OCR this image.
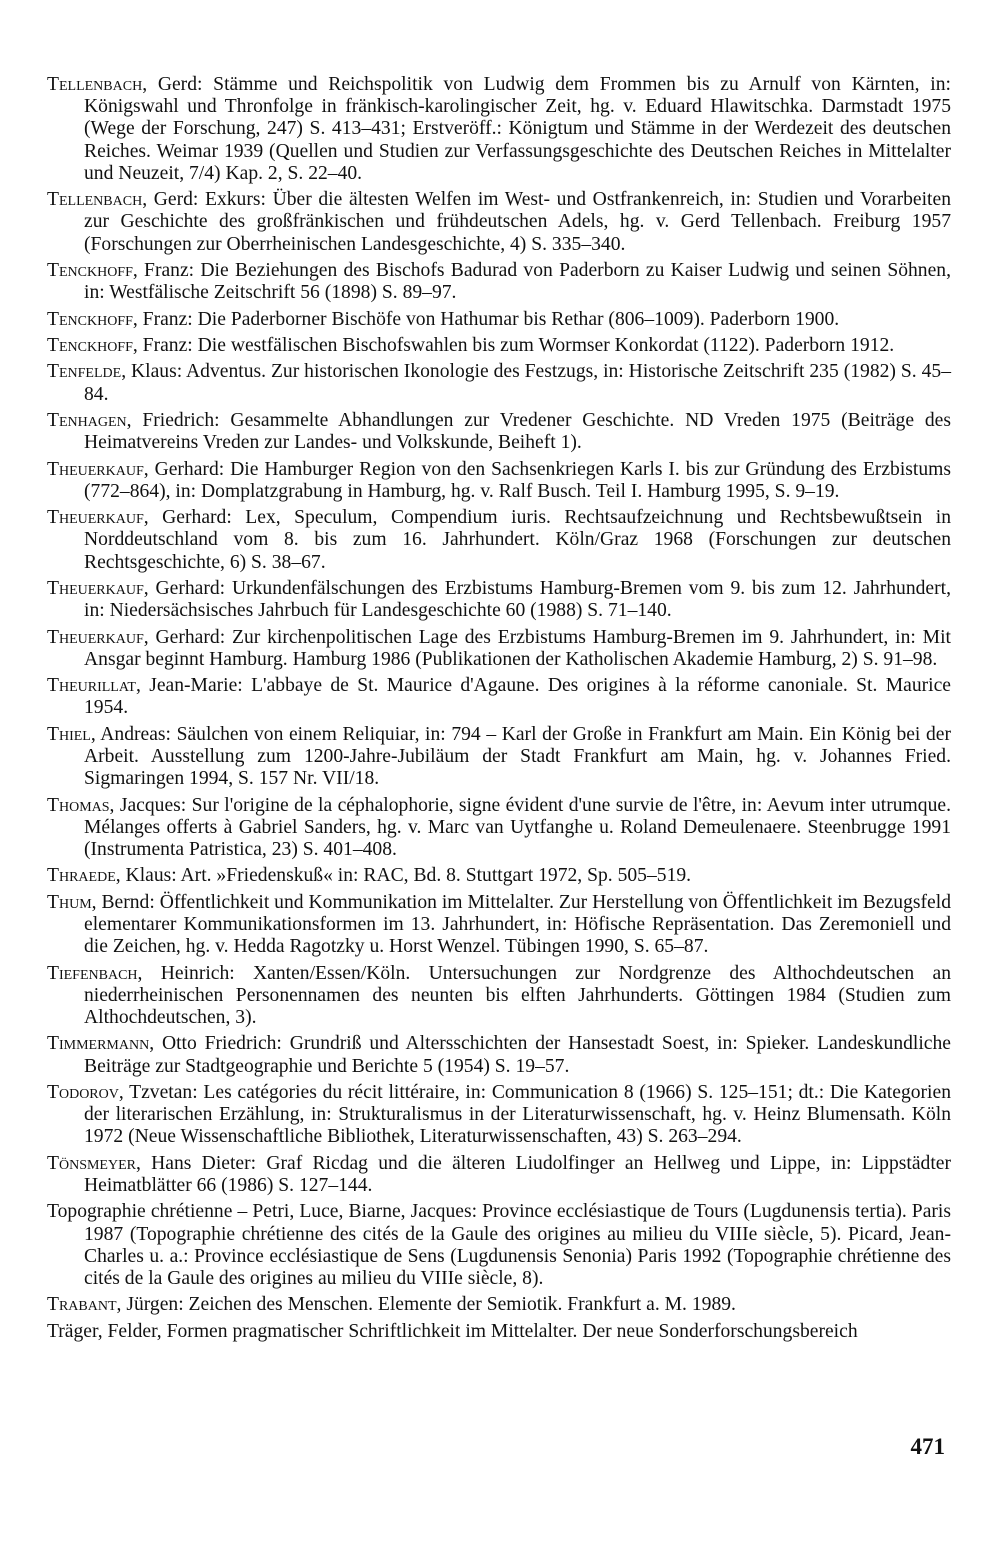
Tellenbach, Gerd: Stämme und Reichspolitik von Ludwig dem Frommen bis zu Arnulf von Kärnten, in: Königswahl und Thronfolge in fränkisch-karolingischer Zeit, hg. v. Eduard Hlawitschka. Darmstadt 1975 (Wege der Forschung, 247) S. 413–431; Erstveröff.: Königtum und Stämme in der Werdezeit des deutschen Reiches. Weimar 1939 (Quellen und Studien zur Verfassungsgeschichte des Deutschen Reiches in Mittelalter und Neuzeit, 7/4) Kap. 2, S. 22–40.

Tellenbach, Gerd: Exkurs: Über die ältesten Welfen im West- und Ostfrankenreich, in: Studien und Vorarbeiten zur Geschichte des großfränkischen und frühdeutschen Adels, hg. v. Gerd Tellenbach. Freiburg 1957 (Forschungen zur Oberrheinischen Landesgeschichte, 4) S. 335–340.

Tenckhoff, Franz: Die Beziehungen des Bischofs Badurad von Paderborn zu Kaiser Ludwig und seinen Söhnen, in: Westfälische Zeitschrift 56 (1898) S. 89–97.

Tenckhoff, Franz: Die Paderborner Bischöfe von Hathumar bis Rethar (806–1009). Paderborn 1900.

Tenckhoff, Franz: Die westfälischen Bischofswahlen bis zum Wormser Konkordat (1122). Paderborn 1912.

Tenfelde, Klaus: Adventus. Zur historischen Ikonologie des Festzugs, in: Historische Zeitschrift 235 (1982) S. 45–84.

Tenhagen, Friedrich: Gesammelte Abhandlungen zur Vredener Geschichte. ND Vreden 1975 (Beiträge des Heimatvereins Vreden zur Landes- und Volkskunde, Beiheft 1).

Theuerkauf, Gerhard: Die Hamburger Region von den Sachsenkriegen Karls I. bis zur Gründung des Erzbistums (772–864), in: Domplatzgrabung in Hamburg, hg. v. Ralf Busch. Teil I. Hamburg 1995, S. 9–19.

Theuerkauf, Gerhard: Lex, Speculum, Compendium iuris. Rechtsaufzeichnung und Rechtsbewußtsein in Norddeutschland vom 8. bis zum 16. Jahrhundert. Köln/Graz 1968 (Forschungen zur deutschen Rechtsgeschichte, 6) S. 38–67.

Theuerkauf, Gerhard: Urkundenfälschungen des Erzbistums Hamburg-Bremen vom 9. bis zum 12. Jahrhundert, in: Niedersächsisches Jahrbuch für Landesgeschichte 60 (1988) S. 71–140.

Theuerkauf, Gerhard: Zur kirchenpolitischen Lage des Erzbistums Hamburg-Bremen im 9. Jahrhundert, in: Mit Ansgar beginnt Hamburg. Hamburg 1986 (Publikationen der Katholischen Akademie Hamburg, 2) S. 91–98.

Theurillat, Jean-Marie: L'abbaye de St. Maurice d'Agaune. Des origines à la réforme canoniale. St. Maurice 1954.

Thiel, Andreas: Säulchen von einem Reliquiar, in: 794 – Karl der Große in Frankfurt am Main. Ein König bei der Arbeit. Ausstellung zum 1200-Jahre-Jubiläum der Stadt Frankfurt am Main, hg. v. Johannes Fried. Sigmaringen 1994, S. 157 Nr. VII/18.

Thomas, Jacques: Sur l'origine de la céphalophorie, signe évident d'une survie de l'être, in: Aevum inter utrumque. Mélanges offerts à Gabriel Sanders, hg. v. Marc van Uytfanghe u. Roland Demeulenaere. Steenbrugge 1991 (Instrumenta Patristica, 23) S. 401–408.

Thraede, Klaus: Art. »Friedenskuß« in: RAC, Bd. 8. Stuttgart 1972, Sp. 505–519.

Thum, Bernd: Öffentlichkeit und Kommunikation im Mittelalter. Zur Herstellung von Öffentlichkeit im Bezugsfeld elementarer Kommunikationsformen im 13. Jahrhundert, in: Höfische Repräsentation. Das Zeremoniell und die Zeichen, hg. v. Hedda Ragotzky u. Horst Wenzel. Tübingen 1990, S. 65–87.

Tiefenbach, Heinrich: Xanten/Essen/Köln. Untersuchungen zur Nordgrenze des Althochdeutschen an niederrheinischen Personennamen des neunten bis elften Jahrhunderts. Göttingen 1984 (Studien zum Althochdeutschen, 3).

Timmermann, Otto Friedrich: Grundriß und Altersschichten der Hansestadt Soest, in: Spieker. Landeskundliche Beiträge zur Stadtgeographie und Berichte 5 (1954) S. 19–57.

Todorov, Tzvetan: Les catégories du récit littéraire, in: Communication 8 (1966) S. 125–151; dt.: Die Kategorien der literarischen Erzählung, in: Strukturalismus in der Literaturwissenschaft, hg. v. Heinz Blumensath. Köln 1972 (Neue Wissenschaftliche Bibliothek, Literaturwissenschaften, 43) S. 263–294.

Tönsmeyer, Hans Dieter: Graf Ricdag und die älteren Liudolfinger an Hellweg und Lippe, in: Lippstädter Heimatblätter 66 (1986) S. 127–144.

Topographie chrétienne – Petri, Luce, Biarne, Jacques: Province ecclésiastique de Tours (Lugdunensis tertia). Paris 1987 (Topographie chrétienne des cités de la Gaule des origines au milieu du VIIIe siècle, 5). Picard, Jean-Charles u. a.: Province ecclésiastique de Sens (Lugdunensis Senonia) Paris 1992 (Topographie chrétienne des cités de la Gaule des origines au milieu du VIIIe siècle, 8).

Trabant, Jürgen: Zeichen des Menschen. Elemente der Semiotik. Frankfurt a. M. 1989.

Träger, Felder, Formen pragmatischer Schriftlichkeit im Mittelalter. Der neue Sonderforschungsbereich

471
